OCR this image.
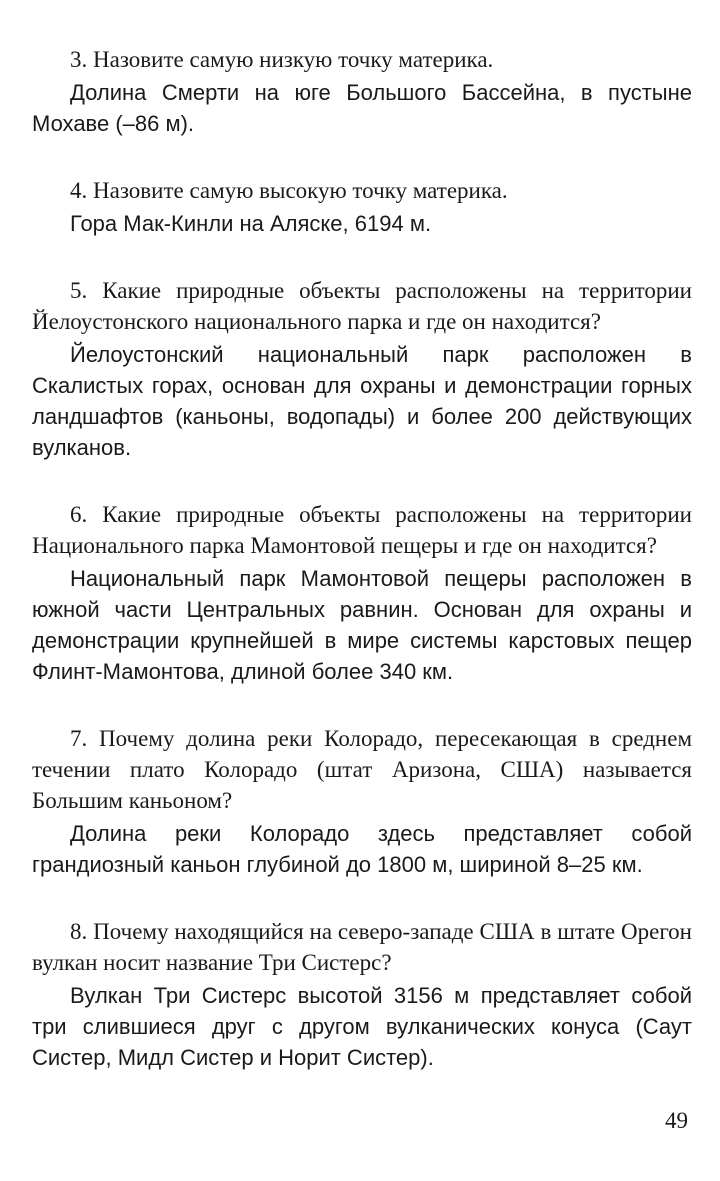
3. Назовите самую низкую точку материка.

Долина Смерти на юге Большого Бассейна, в пустыне Мохаве (–86 м).

4. Назовите самую высокую точку материка.

Гора Мак-Кинли на Аляске, 6194 м.

5. Какие природные объекты расположены на территории Йелоустонского национального парка и где он находится?

Йелоустонский национальный парк расположен в Скалистых горах, основан для охраны и демонстрации горных ландшафтов (каньоны, водопады) и более 200 действующих вулканов.

6. Какие природные объекты расположены на территории Национального парка Мамонтовой пещеры и где он находится?

Национальный парк Мамонтовой пещеры расположен в южной части Центральных равнин. Основан для охраны и демонстрации крупнейшей в мире системы карстовых пещер Флинт-Мамонтова, длиной более 340 км.

7. Почему долина реки Колорадо, пересекающая в среднем течении плато Колорадо (штат Аризона, США) называется Большим каньоном?

Долина реки Колорадо здесь представляет собой грандиозный каньон глубиной до 1800 м, шириной 8–25 км.

8. Почему находящийся на северо-западе США в штате Орегон вулкан носит название Три Систерс?

Вулкан Три Систерс высотой 3156 м представляет собой три слившиеся друг с другом вулканических конуса (Саут Систер, Мидл Систер и Норит Систер).

49
